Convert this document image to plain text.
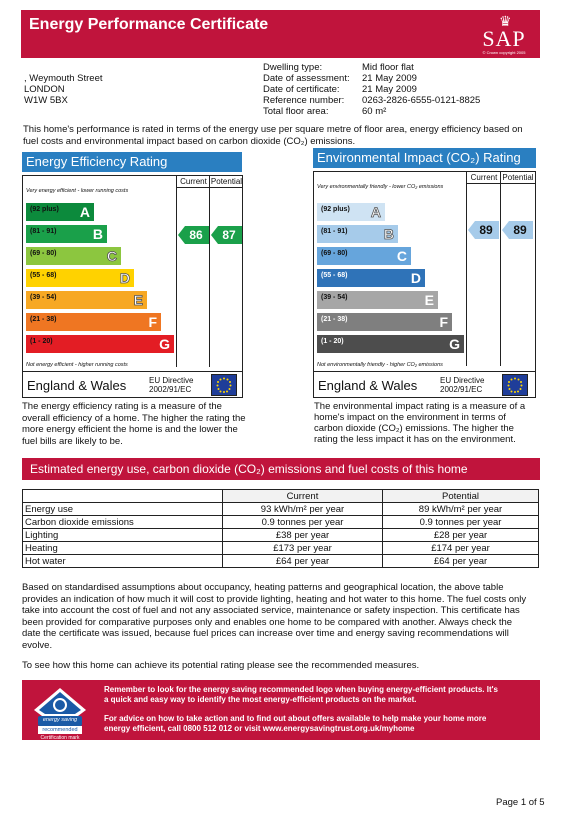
Energy Performance Certificate	♛
SAP
© Crown copyright 2005
, Weymouth Street
LONDON
W1W 5BX
Dwelling type:	Mid floor flat
Date of assessment:	21 May 2009
Date of certificate:	21 May 2009
Reference number:	0263-2826-6555-0121-8825
Total floor area:	60 m²
This home's performance is rated in terms of the energy use per square metre of floor area, energy efficiency based on fuel costs and environmental impact based on carbon dioxide (CO₂) emissions.
Energy Efficiency Rating
Current Potential
Very energy efficient - lower running costs
(92 plus) A
(81 - 91)	B
(69 - 80)	C
(55 - 68)	D
(39 - 54)	E
(21 - 38)	F
(1 - 20)	G
Not energy efficient - higher running costs
86	87
England & Wales	EU Directive
2002/91/EC
The energy efficiency rating is a measure of the overall efficiency of a home. The higher the rating the more energy efficient the home is and the lower the fuel bills are likely to be.
Environmental Impact (CO₂) Rating
Current Potential
Very environmentally friendly - lower CO₂ emissions
(92 plus) A
(81 - 91)	B
(69 - 80)	C
(55 - 68)	D
(39 - 54)	E
(21 - 38)	F
(1 - 20)	G
Not environmentally friendly - higher CO₂ emissions
89	89
England & Wales	EU Directive
2002/91/EC
The environmental impact rating is a measure of a home's impact on the environment in terms of carbon dioxide (CO₂) emissions. The higher the rating the less impact it has on the environment.
Estimated energy use, carbon dioxide (CO₂) emissions and fuel costs of this home
	Current	Potential
Energy use	93 kWh/m² per year	89 kWh/m² per year
Carbon dioxide emissions	0.9 tonnes per year	0.9 tonnes per year
Lighting	£38 per year	£28 per year
Heating	£173 per year	£174 per year
Hot water	£64 per year	£64 per year
Based on standardised assumptions about occupancy, heating patterns and geographical location, the above table provides an indication of how much it will cost to provide lighting, heating and hot water to this home. The fuel costs only take into account the cost of fuel and not any associated service, maintenance or safety inspection. This certificate has been provided for comparative purposes only and enables one home to be compared with another. Always check the date the certificate was issued, because fuel prices can increase over time and energy saving recommendations will evolve.
To see how this home can achieve its potential rating please see the recommended measures.
energy saving
recommended
Certification mark
Remember to look for the energy saving recommended logo when buying energy-efficient products. It's a quick and easy way to identify the most energy-efficient products on the market.
For advice on how to take action and to find out about offers available to help make your home more energy efficient, call 0800 512 012 or visit www.energysavingtrust.org.uk/myhome
Page 1 of 5
